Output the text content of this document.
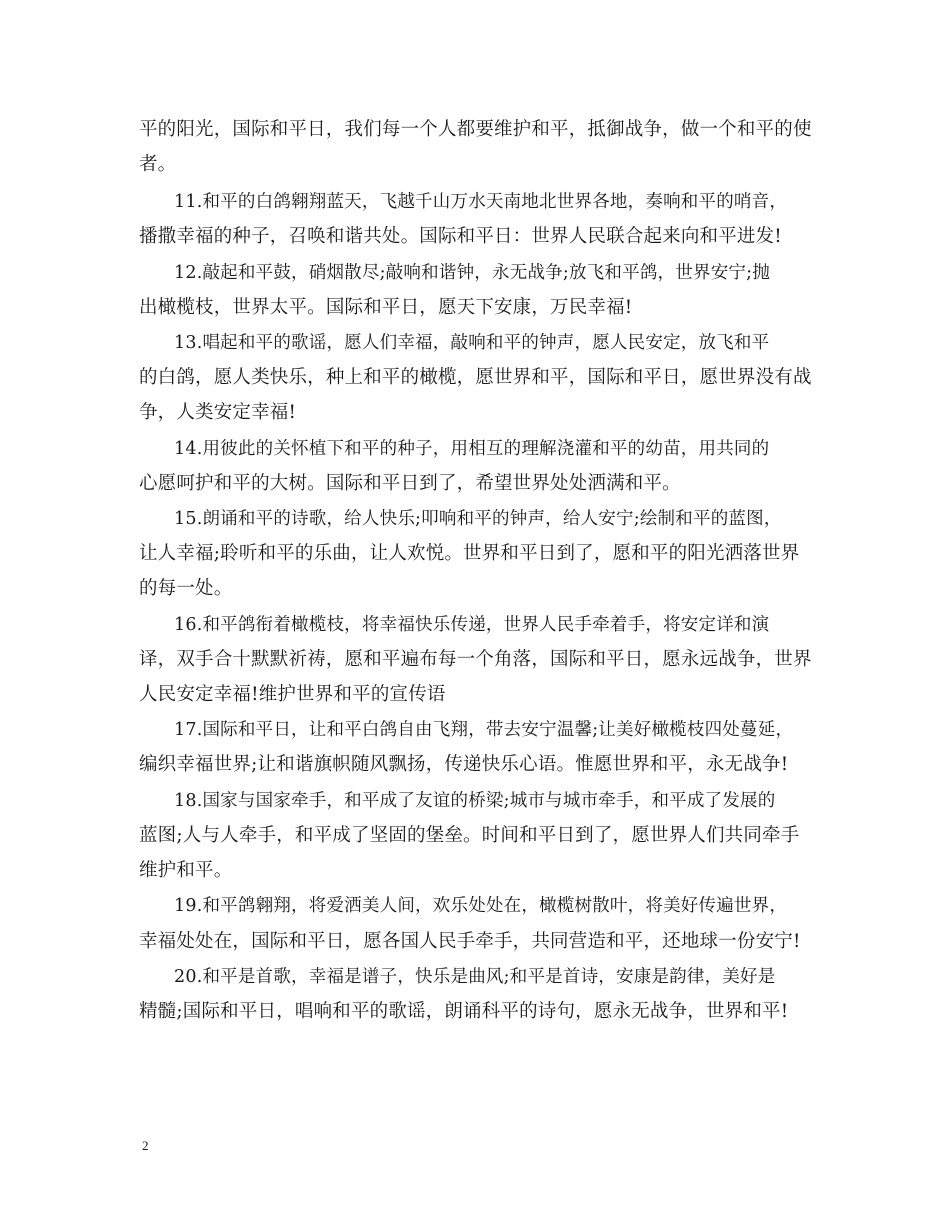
平的阳光，国际和平日，我们每一个人都要维护和平，抵御战争，做一个和平的使
者。
11.和平的白鸽翱翔蓝天，飞越千山万水天南地北世界各地，奏响和平的哨音，
播撒幸福的种子，召唤和谐共处。国际和平日：世界人民联合起来向和平进发!
12.敲起和平鼓，硝烟散尽;敲响和谐钟，永无战争;放飞和平鸽，世界安宁;抛
出橄榄枝，世界太平。国际和平日，愿天下安康，万民幸福!
13.唱起和平的歌谣，愿人们幸福，敲响和平的钟声，愿人民安定，放飞和平
的白鸽，愿人类快乐，种上和平的橄榄，愿世界和平，国际和平日，愿世界没有战
争，人类安定幸福!
14.用彼此的关怀植下和平的种子，用相互的理解浇灌和平的幼苗，用共同的
心愿呵护和平的大树。国际和平日到了，希望世界处处洒满和平。
15.朗诵和平的诗歌，给人快乐;叩响和平的钟声，给人安宁;绘制和平的蓝图，
让人幸福;聆听和平的乐曲，让人欢悦。世界和平日到了，愿和平的阳光洒落世界
的每一处。
16.和平鸽衔着橄榄枝，将幸福快乐传递，世界人民手牵着手，将安定详和演
译，双手合十默默祈祷，愿和平遍布每一个角落，国际和平日，愿永远战争，世界
人民安定幸福!维护世界和平的宣传语
17.国际和平日，让和平白鸽自由飞翔，带去安宁温馨;让美好橄榄枝四处蔓延，
编织幸福世界;让和谐旗帜随风飘扬，传递快乐心语。惟愿世界和平，永无战争!
18.国家与国家牵手，和平成了友谊的桥梁;城市与城市牵手，和平成了发展的
蓝图;人与人牵手，和平成了坚固的堡垒。时间和平日到了，愿世界人们共同牵手
维护和平。
19.和平鸽翱翔，将爱洒美人间，欢乐处处在，橄榄树散叶，将美好传遍世界，
幸福处处在，国际和平日，愿各国人民手牵手，共同营造和平，还地球一份安宁!
20.和平是首歌，幸福是谱子，快乐是曲风;和平是首诗，安康是韵律，美好是
精髓;国际和平日，唱响和平的歌谣，朗诵科平的诗句，愿永无战争，世界和平!
2
